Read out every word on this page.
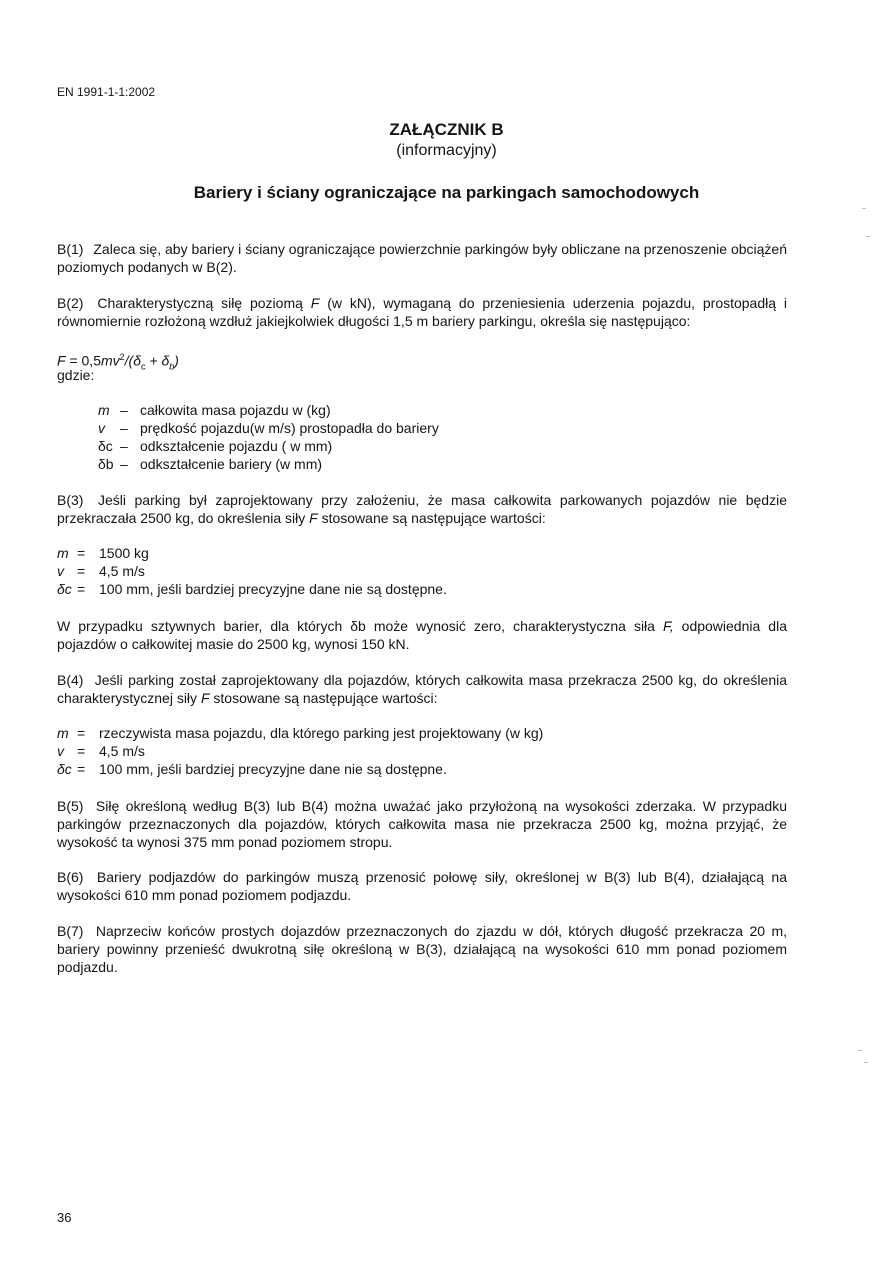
EN 1991-1-1:2002
ZAŁĄCZNIK B
(informacyjny)
Bariery i ściany ograniczające na parkingach samochodowych

B(1) Zaleca się, aby bariery i ściany ograniczające powierzchnie parkingów były obliczane na przenoszenie obciążeń poziomych podanych w B(2).

B(2) Charakterystyczną siłę poziomą F (w kN), wymaganą do przeniesienia uderzenia pojazdu, prostopadłą i równomiernie rozłożoną wzdłuż jakiejkolwiek długości 1,5 m bariery parkingu, określa się następująco:

$F = 0,5mv^2/(\delta_c + \delta_b)$
gdzie:
m – całkowita masa pojazdu w (kg)
v	– prędkość pojazdu(w m/s) prostopadła do bariery
δc – odkształcenie pojazdu ( w mm)
δb – odkształcenie bariery (w mm)

B(3) Jeśli parking był zaprojektowany przy założeniu, że masa całkowita parkowanych pojazdów nie będzie przekraczała 2500 kg, do określenia siły F stosowane są następujące wartości:

m = 1500 kg
v = 4,5 m/s
δc = 100 mm, jeśli bardziej precyzyjne dane nie są dostępne.

W przypadku sztywnych barier, dla których δb może wynosić zero, charakterystyczna siła F, odpowiednia dla pojazdów o całkowitej masie do 2500 kg, wynosi 150 kN.

B(4) Jeśli parking został zaprojektowany dla pojazdów, których całkowita masa przekracza 2500 kg, do określenia charakterystycznej siły F stosowane są następujące wartości:

m = rzeczywista masa pojazdu, dla którego parking jest projektowany (w kg)
v = 4,5 m/s
δc = 100 mm, jeśli bardziej precyzyjne dane nie są dostępne.

B(5) Siłę określoną według B(3) lub B(4) można uważać jako przyłożoną na wysokości zderzaka. W przypadku parkingów przeznaczonych dla pojazdów, których całkowita masa nie przekracza 2500 kg, można przyjąć, że wysokość ta wynosi 375 mm ponad poziomem stropu.

B(6) Bariery podjazdów do parkingów muszą przenosić połowę siły, określonej w B(3) lub B(4), działającą na wysokości 610 mm ponad poziomem podjazdu.

B(7) Naprzeciw końców prostych dojazdów przeznaczonych do zjazdu w dół, których długość przekracza 20 m, bariery powinny przenieść dwukrotną siłę określoną w B(3), działającą na wysokości 610 mm ponad poziomem podjazdu.

36
